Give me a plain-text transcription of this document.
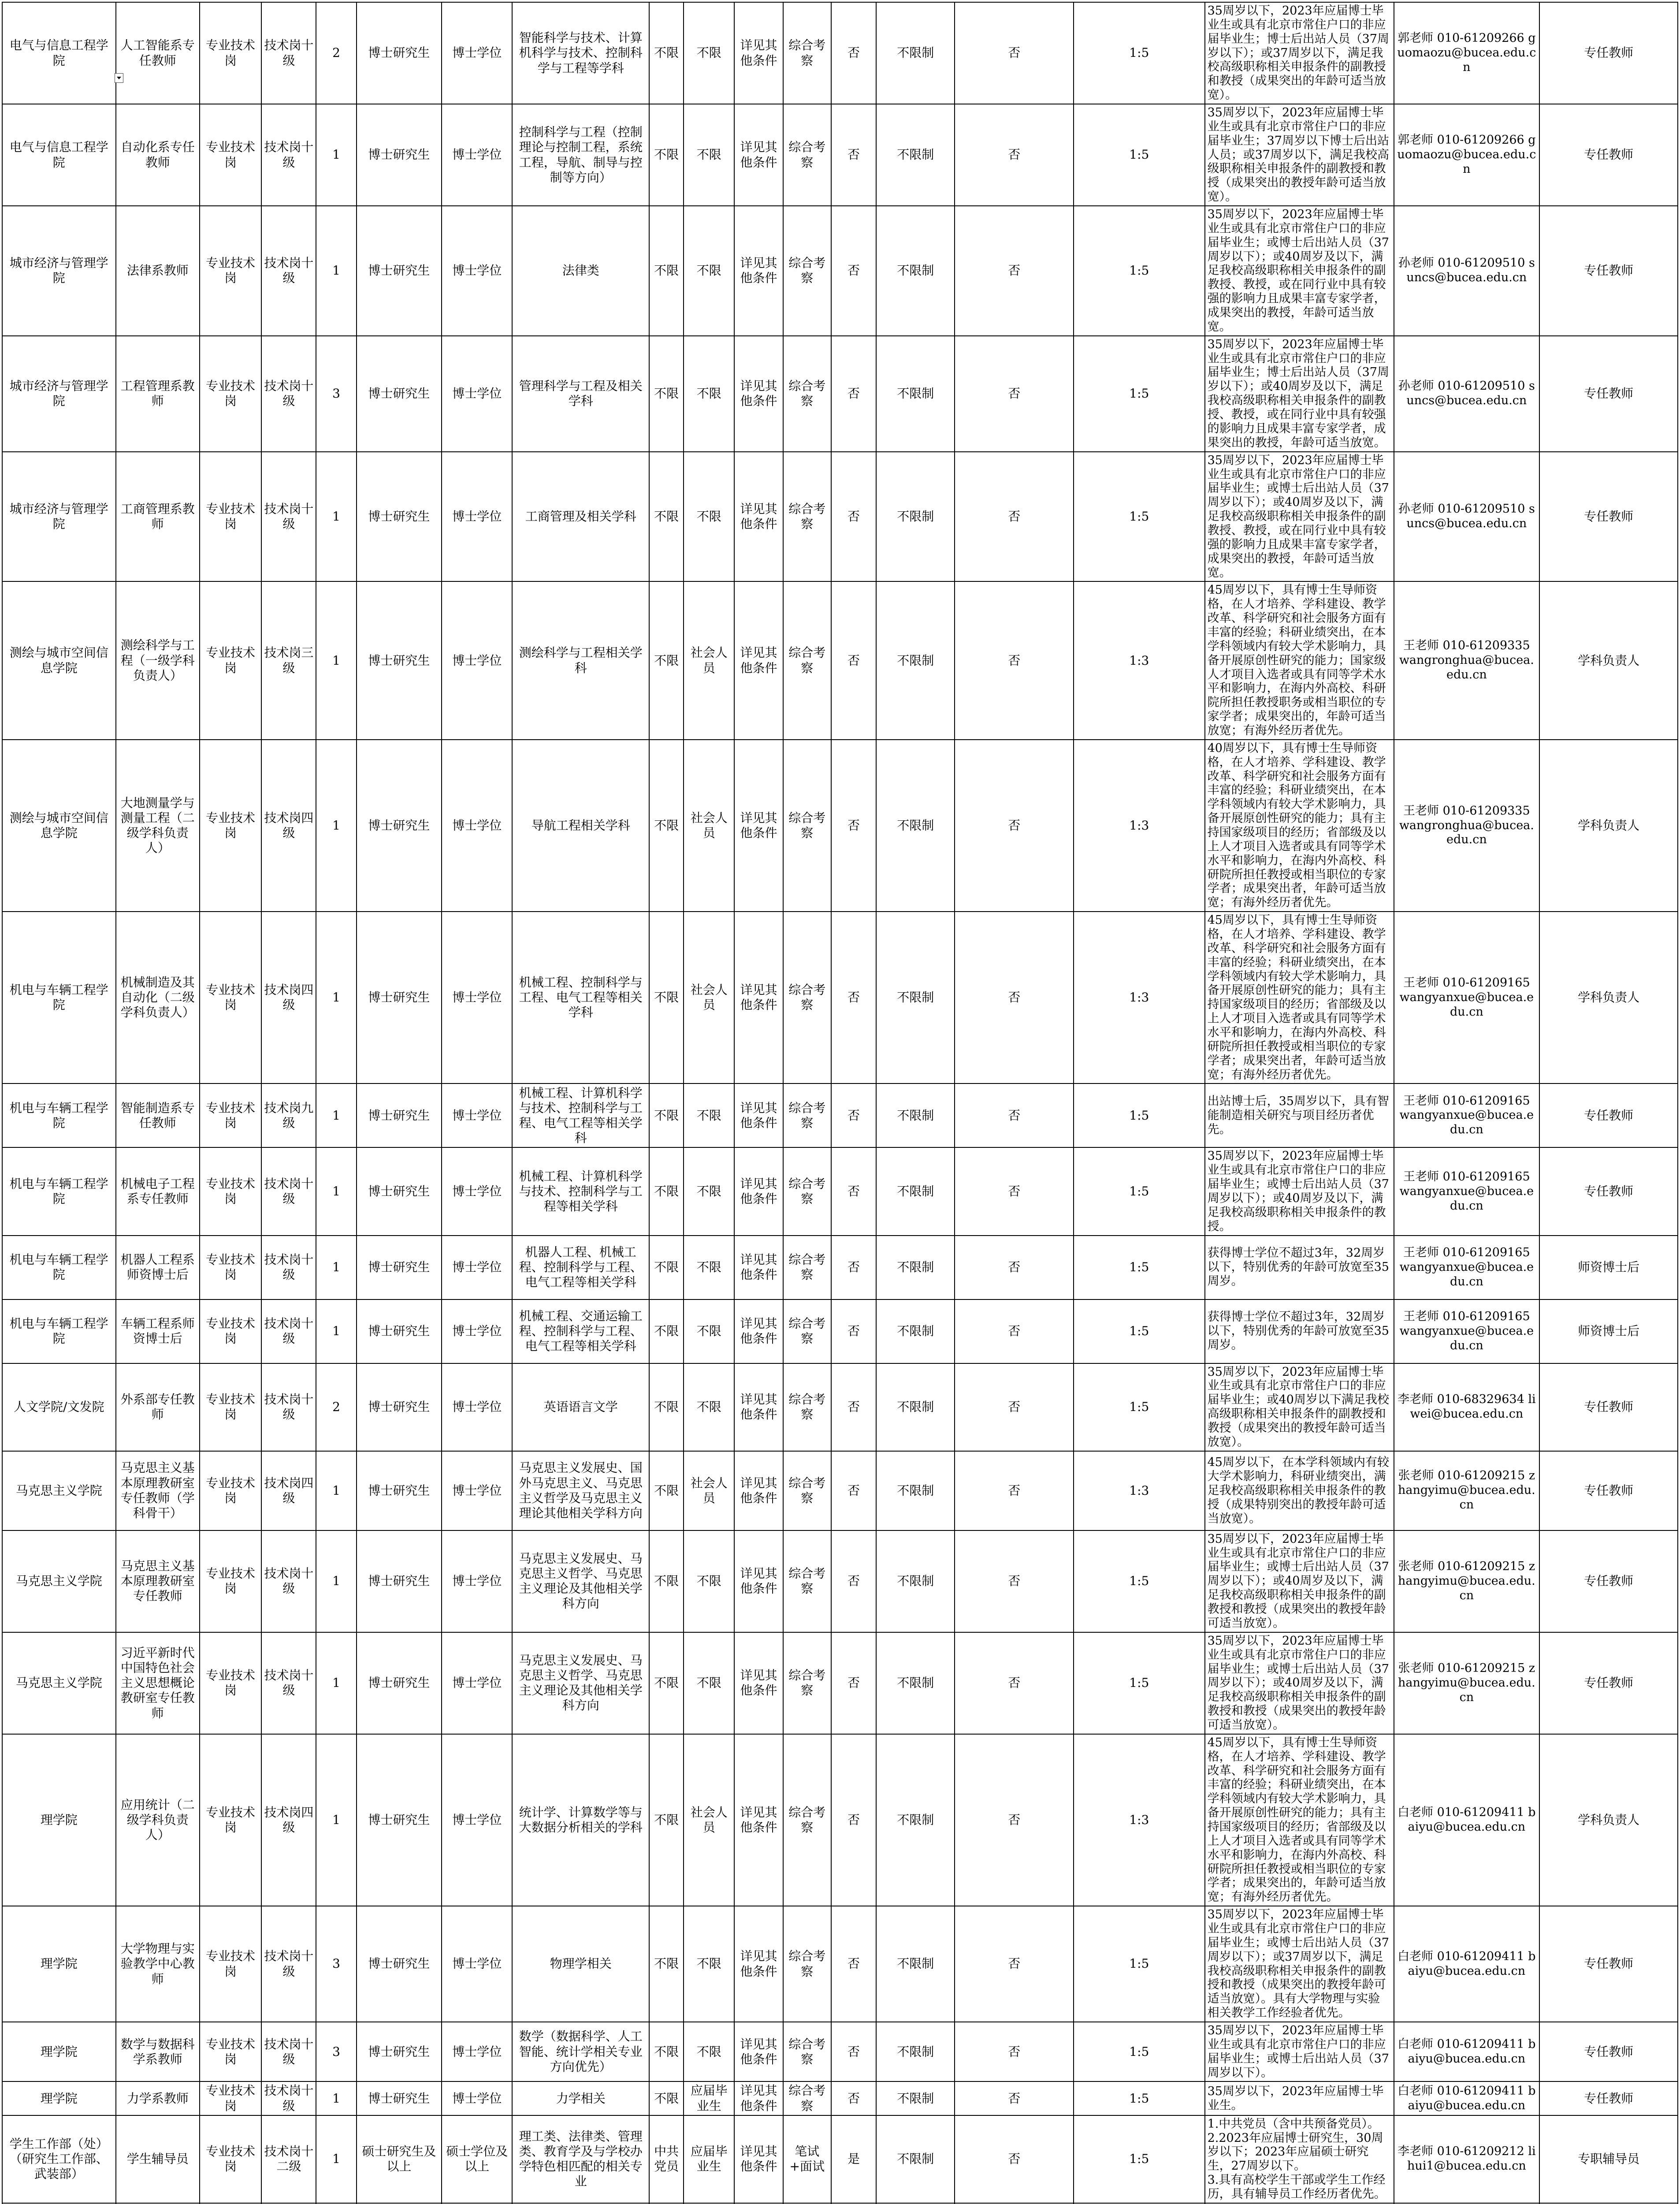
电气与信息工程学院	人工智能系专任教师	专业技术岗	技术岗十级	2	博士研究生	博士学位	智能科学与技术、计算机科学与技术、控制科学与工程等学科	不限	不限	详见其他条件	综合考察	否	不限制	否	1:5	35周岁以下，2023年应届博士毕业生或具有北京市常住户口的非应届毕业生；博士后出站人员（37周岁以下）；或37周岁以下，满足我校高级职称相关申报条件的副教授和教授（成果突出的年龄可适当放宽）。	郭老师 010-61209266 guomaozu@bucea.edu.cn	专任教师
电气与信息工程学院	自动化系专任教师	专业技术岗	技术岗十级	1	博士研究生	博士学位	控制科学与工程（控制理论与控制工程，系统工程，导航、制导与控制等方向）	不限	不限	详见其他条件	综合考察	否	不限制	否	1:5	35周岁以下，2023年应届博士毕业生或具有北京市常住户口的非应届毕业生；37周岁以下博士后出站人员；或37周岁以下，满足我校高级职称相关申报条件的副教授和教授（成果突出的教授年龄可适当放宽）。	郭老师 010-61209266 guomaozu@bucea.edu.cn	专任教师
城市经济与管理学院	法律系教师	专业技术岗	技术岗十级	1	博士研究生	博士学位	法律类	不限	不限	详见其他条件	综合考察	否	不限制	否	1:5	35周岁以下，2023年应届博士毕业生或具有北京市常住户口的非应届毕业生；或博士后出站人员（37周岁以下）；或40周岁及以下，满足我校高级职称相关申报条件的副教授、教授，或在同行业中具有较强的影响力且成果丰富专家学者，成果突出的教授，年龄可适当放宽。	孙老师 010-61209510 suncs@bucea.edu.cn	专任教师
城市经济与管理学院	工程管理系教师	专业技术岗	技术岗十级	3	博士研究生	博士学位	管理科学与工程及相关学科	不限	不限	详见其他条件	综合考察	否	不限制	否	1:5	35周岁以下，2023年应届博士毕业生或具有北京市常住户口的非应届毕业生；博士后出站人员（37周岁以下）；或40周岁及以下，满足我校高级职称相关申报条件的副教授、教授，或在同行业中具有较强的影响力且成果丰富专家学者，成果突出的教授，年龄可适当放宽。	孙老师 010-61209510 suncs@bucea.edu.cn	专任教师
城市经济与管理学院	工商管理系教师	专业技术岗	技术岗十级	1	博士研究生	博士学位	工商管理及相关学科	不限	不限	详见其他条件	综合考察	否	不限制	否	1:5	35周岁以下，2023年应届博士毕业生或具有北京市常住户口的非应届毕业生；或博士后出站人员（37周岁以下）；或40周岁及以下，满足我校高级职称相关申报条件的副教授、教授，或在同行业中具有较强的影响力且成果丰富专家学者，成果突出的教授，年龄可适当放宽。	孙老师 010-61209510 suncs@bucea.edu.cn	专任教师
测绘与城市空间信息学院	测绘科学与工程（一级学科负责人）	专业技术岗	技术岗三级	1	博士研究生	博士学位	测绘科学与工程相关学科	不限	社会人员	详见其他条件	综合考察	否	不限制	否	1:3	45周岁以下，具有博士生导师资格，在人才培养、学科建设、教学改革、科学研究和社会服务方面有丰富的经验；科研业绩突出，在本学科领域内有较大学术影响力，具备开展原创性研究的能力；国家级人才项目入选者或具有同等学术水平和影响力，在海内外高校、科研院所担任教授职务或相当职位的专家学者；成果突出的，年龄可适当放宽；有海外经历者优先。	王老师 010-61209335 wangronghua@bucea.edu.cn	学科负责人
测绘与城市空间信息学院	大地测量学与测量工程（二级学科负责人）	专业技术岗	技术岗四级	1	博士研究生	博士学位	导航工程相关学科	不限	社会人员	详见其他条件	综合考察	否	不限制	否	1:3	40周岁以下，具有博士生导师资格，在人才培养、学科建设、教学改革、科学研究和社会服务方面有丰富的经验；科研业绩突出，在本学科领域内有较大学术影响力，具备开展原创性研究的能力；具有主持国家级项目的经历；省部级及以上人才项目入选者或具有同等学术水平和影响力，在海内外高校、科研院所担任教授或相当职位的专家学者；成果突出者，年龄可适当放宽；有海外经历者优先。	王老师 010-61209335 wangronghua@bucea.edu.cn	学科负责人
机电与车辆工程学院	机械制造及其自动化（二级学科负责人）	专业技术岗	技术岗四级	1	博士研究生	博士学位	机械工程、控制科学与工程、电气工程等相关学科	不限	社会人员	详见其他条件	综合考察	否	不限制	否	1:3	45周岁以下，具有博士生导师资格，在人才培养、学科建设、教学改革、科学研究和社会服务方面有丰富的经验；科研业绩突出，在本学科领域内有较大学术影响力，具备开展原创性研究的能力；具有主持国家级项目的经历；省部级及以上人才项目入选者或具有同等学术水平和影响力，在海内外高校、科研院所担任教授或相当职位的专家学者；成果突出者，年龄可适当放宽；有海外经历者优先。	王老师 010-61209165 wangyanxue@bucea.edu.cn	学科负责人
机电与车辆工程学院	智能制造系专任教师	专业技术岗	技术岗九级	1	博士研究生	博士学位	机械工程、计算机科学与技术、控制科学与工程、电气工程等相关学科	不限	不限	详见其他条件	综合考察	否	不限制	否	1:5	出站博士后，35周岁以下，具有智能制造相关研究与项目经历者优先。	王老师 010-61209165 wangyanxue@bucea.edu.cn	专任教师
机电与车辆工程学院	机械电子工程系专任教师	专业技术岗	技术岗十级	1	博士研究生	博士学位	机械工程、计算机科学与技术、控制科学与工程等相关学科	不限	不限	详见其他条件	综合考察	否	不限制	否	1:5	35周岁以下，2023年应届博士毕业生或具有北京市常住户口的非应届毕业生；或博士后出站人员（37周岁以下）；或40周岁及以下，满足我校高级职称相关申报条件的教授。	王老师 010-61209165 wangyanxue@bucea.edu.cn	专任教师
机电与车辆工程学院	机器人工程系师资博士后	专业技术岗	技术岗十级	1	博士研究生	博士学位	机器人工程、机械工程、控制科学与工程、电气工程等相关学科	不限	不限	详见其他条件	综合考察	否	不限制	否	1:5	获得博士学位不超过3年，32周岁以下，特别优秀的年龄可放宽至35周岁。	王老师 010-61209165 wangyanxue@bucea.edu.cn	师资博士后
机电与车辆工程学院	车辆工程系师资博士后	专业技术岗	技术岗十级	1	博士研究生	博士学位	机械工程、交通运输工程、控制科学与工程、电气工程等相关学科	不限	不限	详见其他条件	综合考察	否	不限制	否	1:5	获得博士学位不超过3年，32周岁以下，特别优秀的年龄可放宽至35周岁。	王老师 010-61209165 wangyanxue@bucea.edu.cn	师资博士后
人文学院/文发院	外系部专任教师	专业技术岗	技术岗十级	2	博士研究生	博士学位	英语语言文学	不限	不限	详见其他条件	综合考察	否	不限制	否	1:5	35周岁以下，2023年应届博士毕业生或具有北京市常住户口的非应届毕业生；或40周岁以下满足我校高级职称相关申报条件的副教授和教授（成果突出的教授年龄可适当放宽）。	李老师 010-68329634 liwei@bucea.edu.cn	专任教师
马克思主义学院	马克思主义基本原理教研室专任教师（学科骨干）	专业技术岗	技术岗四级	1	博士研究生	博士学位	马克思主义发展史、国外马克思主义、马克思主义哲学及马克思主义理论其他相关学科方向	不限	社会人员	详见其他条件	综合考察	否	不限制	否	1:3	45周岁以下，在本学科领域内有较大学术影响力，科研业绩突出，满足我校高级职称相关申报条件的教授（成果特别突出的教授年龄可适当放宽）。	张老师 010-61209215 zhangyimu@bucea.edu.cn	专任教师
马克思主义学院	马克思主义基本原理教研室专任教师	专业技术岗	技术岗十级	1	博士研究生	博士学位	马克思主义发展史、马克思主义哲学、马克思主义理论及其他相关学科方向	不限	不限	详见其他条件	综合考察	否	不限制	否	1:5	35周岁以下，2023年应届博士毕业生或具有北京市常住户口的非应届毕业生；或博士后出站人员（37周岁以下）；或40周岁及以下，满足我校高级职称相关申报条件的副教授和教授（成果突出的教授年龄可适当放宽）。	张老师 010-61209215 zhangyimu@bucea.edu.cn	专任教师
马克思主义学院	习近平新时代中国特色社会主义思想概论教研室专任教师	专业技术岗	技术岗十级	1	博士研究生	博士学位	马克思主义发展史、马克思主义哲学、马克思主义理论及其他相关学科方向	不限	不限	详见其他条件	综合考察	否	不限制	否	1:5	35周岁以下，2023年应届博士毕业生或具有北京市常住户口的非应届毕业生；或博士后出站人员（37周岁以下）；或40周岁及以下，满足我校高级职称相关申报条件的副教授和教授（成果突出的教授年龄可适当放宽）。	张老师 010-61209215 zhangyimu@bucea.edu.cn	专任教师
理学院	应用统计（二级学科负责人）	专业技术岗	技术岗四级	1	博士研究生	博士学位	统计学、计算数学等与大数据分析相关的学科	不限	社会人员	详见其他条件	综合考察	否	不限制	否	1:3	45周岁以下，具有博士生导师资格，在人才培养、学科建设、教学改革、科学研究和社会服务方面有丰富的经验；科研业绩突出，在本学科领域内有较大学术影响力，具备开展原创性研究的能力；具有主持国家级项目的经历；省部级及以上人才项目入选者或具有同等学术水平和影响力，在海内外高校、科研院所担任教授或相当职位的专家学者；成果突出的，年龄可适当放宽；有海外经历者优先。	白老师 010-61209411 baiyu@bucea.edu.cn	学科负责人
理学院	大学物理与实验教学中心教师	专业技术岗	技术岗十级	3	博士研究生	博士学位	物理学相关	不限	不限	详见其他条件	综合考察	否	不限制	否	1:5	35周岁以下，2023年应届博士毕业生或具有北京市常住户口的非应届毕业生；或博士后出站人员（37周岁以下）；或37周岁以下，满足我校高级职称相关申报条件的副教授和教授（成果突出的教授年龄可适当放宽）。具有大学物理与实验相关教学工作经验者优先。	白老师 010-61209411 baiyu@bucea.edu.cn	专任教师
理学院	数学与数据科学系教师	专业技术岗	技术岗十级	3	博士研究生	博士学位	数学（数据科学、人工智能、统计学相关专业方向优先）	不限	不限	详见其他条件	综合考察	否	不限制	否	1:5	35周岁以下，2023年应届博士毕业生或具有北京市常住户口的非应届毕业生；或博士后出站人员（37周岁以下）。	白老师 010-61209411 baiyu@bucea.edu.cn	专任教师
理学院	力学系教师	专业技术岗	技术岗十级	1	博士研究生	博士学位	力学相关	不限	应届毕业生	详见其他条件	综合考察	否	不限制	否	1:5	35周岁以下，2023年应届博士毕业生。	白老师 010-61209411 baiyu@bucea.edu.cn	专任教师
学生工作部（处）（研究生工作部、武装部）	学生辅导员	专业技术岗	技术岗十二级	1	硕士研究生及以上	硕士学位及以上	理工类、法律类、管理类、教育学及与学校办学特色相匹配的相关专业	中共党员	应届毕业生	详见其他条件	笔试+面试	是	不限制	否	1:5	1.中共党员（含中共预备党员）。
2.2023年应届博士研究生，30周岁以下；2023年应届硕士研究生，27周岁以下。
3.具有高校学生干部或学生工作经历，具有辅导员工作经历者优先。	李老师 010-61209212 lihui1@bucea.edu.cn	专职辅导员
